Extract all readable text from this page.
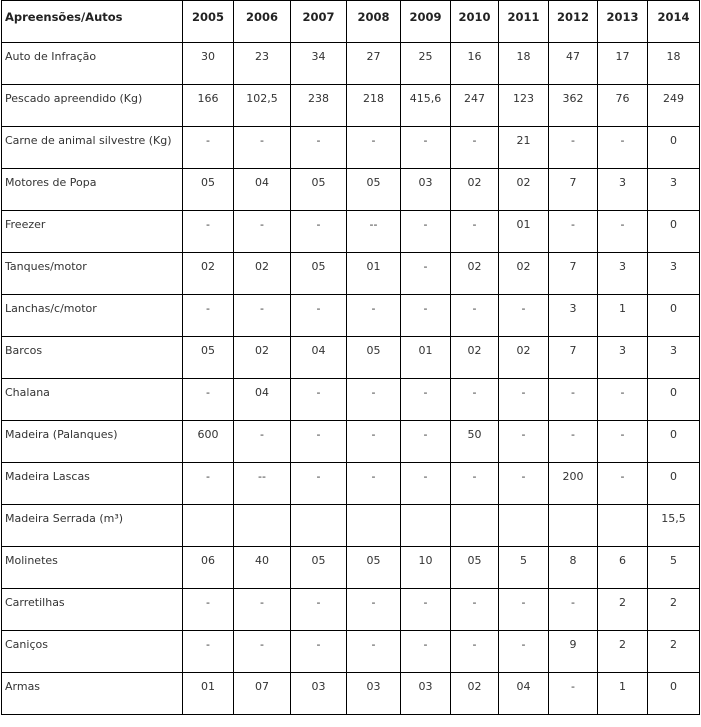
Apreensões/Autos	2005	2006	2007	2008	2009	2010	2011	2012	2013	2014
Auto de Infração	30	23	34	27	25	16	18	47	17	18
Pescado apreendido (Kg)	166	102,5	238	218	415,6	247	123	362	76	249
Carne de animal silvestre (Kg)	-	-	-	-	-	-	21	-	-	0
Motores de Popa	05	04	05	05	03	02	02	7	3	3
Freezer	-	-	-	--	-	-	01	-	-	0
Tanques/motor	02	02	05	01	-	02	02	7	3	3
Lanchas/c/motor	-	-	-	-	-	-	-	3	1	0
Barcos	05	02	04	05	01	02	02	7	3	3
Chalana	-	04	-	-	-	-	-	-	-	0
Madeira (Palanques)	600	-	-	-	-	50	-	-	-	0
Madeira Lascas	-	--	-	-	-	-	-	200	-	0
Madeira Serrada (m³)										15,5
Molinetes	06	40	05	05	10	05	5	8	6	5
Carretilhas	-	-	-	-	-	-	-	-	2	2
Caniços	-	-	-	-	-	-	-	9	2	2
Armas	01	07	03	03	03	02	04	-	1	0
